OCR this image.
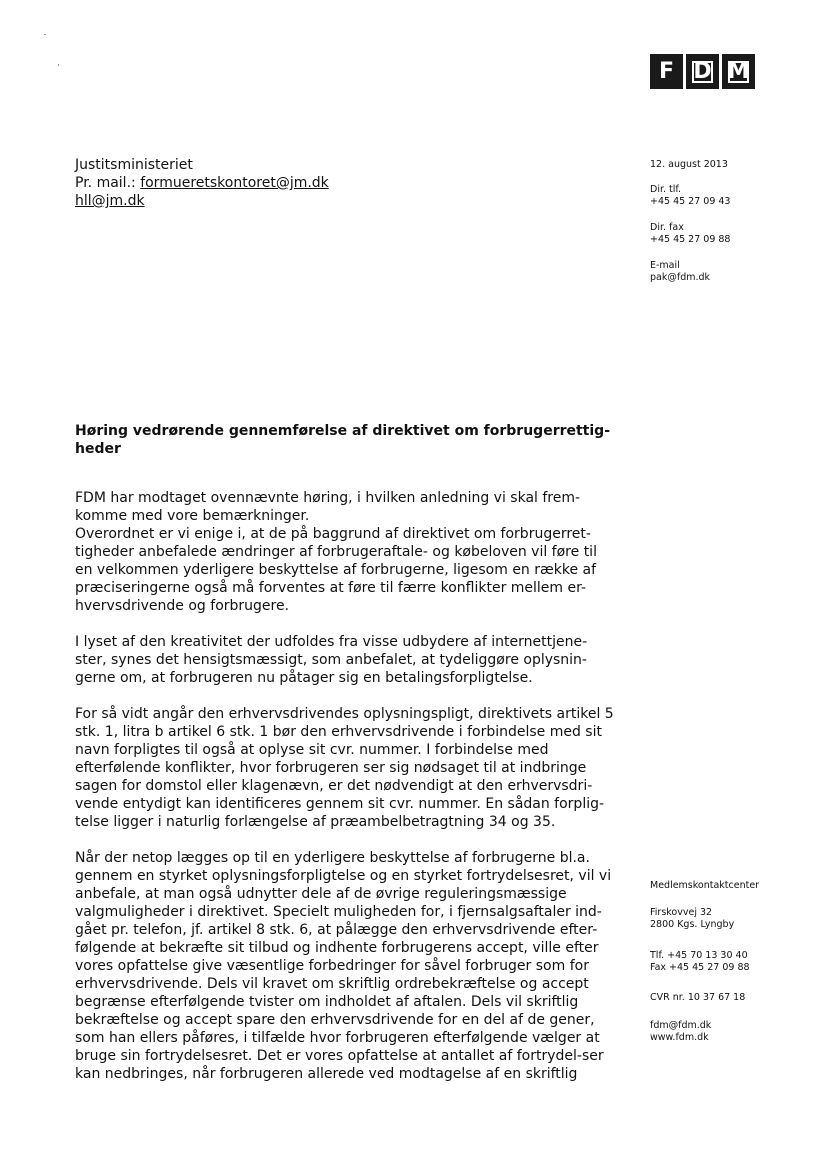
F D M
Justitsministeriet
Pr. mail.: formueretskontoret@jm.dk
hll@jm.dk
12. august 2013
Dir. tlf.
+45 45 27 09 43
Dir. fax
+45 45 27 09 88
E-mail
pak@fdm.dk
Høring vedrørende gennemførelse af direktivet om forbrugerrettig-heder

FDM har modtaget ovennævnte høring, i hvilken anledning vi skal frem-komme med vore bemærkninger.

Overordnet er vi enige i, at de på baggrund af direktivet om forbrugerret-tigheder anbefalede ændringer af forbrugeraftale- og købeloven vil føre til en velkommen yderligere beskyttelse af forbrugerne, ligesom en række af præciseringerne også må forventes at føre til færre konflikter mellem er-hvervsdrivende og forbrugere.

I lyset af den kreativitet der udfoldes fra visse udbydere af internettjene-ster, synes det hensigtsmæssigt, som anbefalet, at tydeliggøre oplysnin-gerne om, at forbrugeren nu påtager sig en betalingsforpligtelse.

For så vidt angår den erhvervsdrivendes oplysningspligt, direktivets artikel 5 stk. 1, litra b artikel 6 stk. 1 bør den erhvervsdrivende i forbindelse med sit navn forpligtes til også at oplyse sit cvr. nummer. I forbindelse med efterfølende konflikter, hvor forbrugeren ser sig nødsaget til at indbringe sagen for domstol eller klagenævn, er det nødvendigt at den erhvervsdri-vende entydigt kan identificeres gennem sit cvr. nummer. En sådan forplig-telse ligger i naturlig forlængelse af præambelbetragtning 34 og 35.

Når der netop lægges op til en yderligere beskyttelse af forbrugerne bl.a. gennem en styrket oplysningsforpligtelse og en styrket fortrydelsesret, vil vi anbefale, at man også udnytter dele af de øvrige reguleringsmæssige valgmuligheder i direktivet. Specielt muligheden for, i fjernsalgsaftaler ind-gået pr. telefon, jf. artikel 8 stk. 6, at pålægge den erhvervsdrivende efter-følgende at bekræfte sit tilbud og indhente forbrugerens accept, ville efter vores opfattelse give væsentlige forbedringer for såvel forbruger som for erhvervsdrivende. Dels vil kravet om skriftlig ordrebekræftelse og accept begrænse efterfølgende tvister om indholdet af aftalen. Dels vil skriftlig bekræftelse og accept spare den erhvervsdrivende for en del af de gener, som han ellers påføres, i tilfælde hvor forbrugeren efterfølgende vælger at bruge sin fortrydelsesret. Det er vores opfattelse at antallet af fortrydel-ser kan nedbringes, når forbrugeren allerede ved modtagelse af en skriftlig

Medlemskontaktcenter
Firskovvej 32
2800 Kgs. Lyngby
Tlf. +45 70 13 30 40
Fax +45 45 27 09 88
CVR nr. 10 37 67 18
fdm@fdm.dk
www.fdm.dk
